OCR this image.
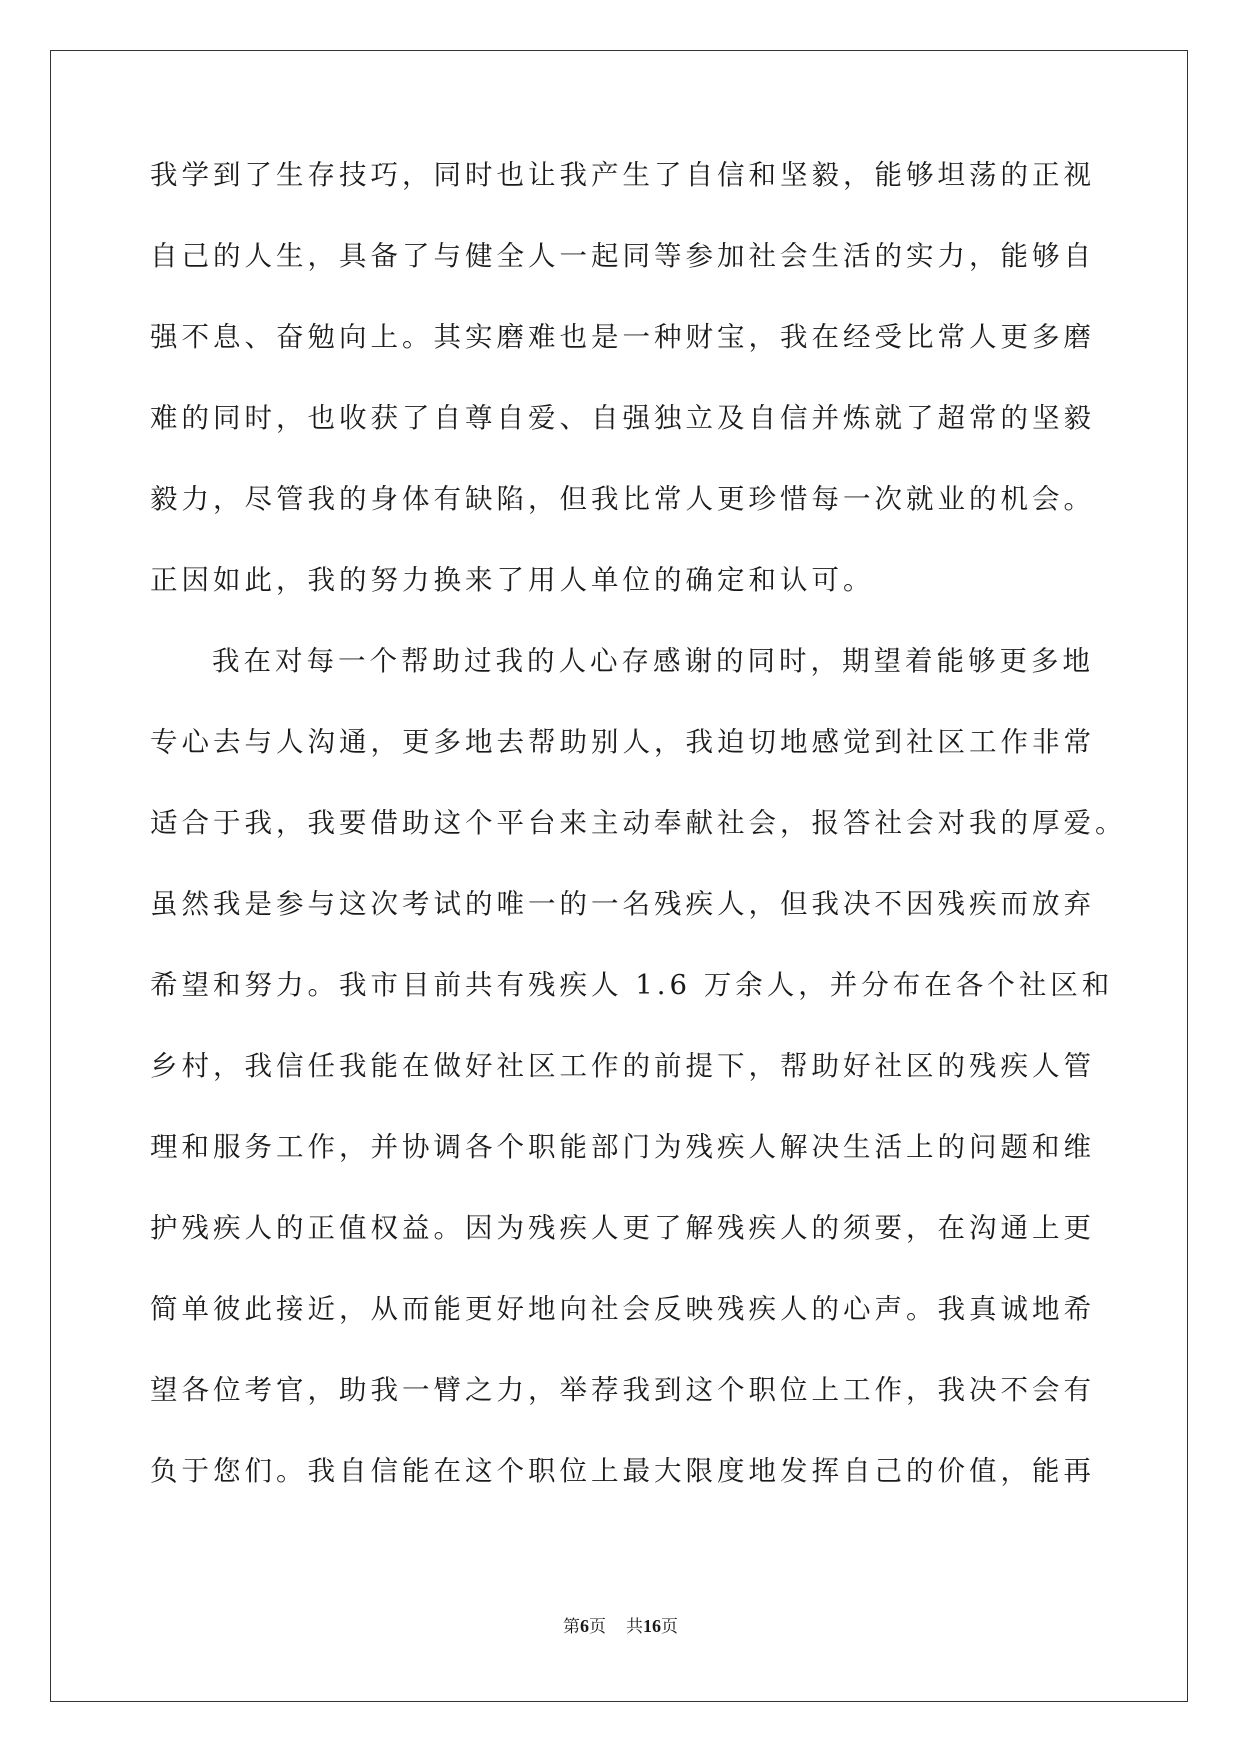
我学到了生存技巧，同时也让我产生了自信和坚毅，能够坦荡的正视
自己的人生，具备了与健全人一起同等参加社会生活的实力，能够自
强不息、奋勉向上。其实磨难也是一种财宝，我在经受比常人更多磨
难的同时，也收获了自尊自爱、自强独立及自信并炼就了超常的坚毅
毅力，尽管我的身体有缺陷，但我比常人更珍惜每一次就业的机会。
正因如此，我的努力换来了用人单位的确定和认可。
我在对每一个帮助过我的人心存感谢的同时，期望着能够更多地
专心去与人沟通，更多地去帮助别人，我迫切地感觉到社区工作非常
适合于我，我要借助这个平台来主动奉献社会，报答社会对我的厚爱。
虽然我是参与这次考试的唯一的一名残疾人，但我决不因残疾而放弃
希望和努力。我市目前共有残疾人 1.6 万余人，并分布在各个社区和
乡村，我信任我能在做好社区工作的前提下，帮助好社区的残疾人管
理和服务工作，并协调各个职能部门为残疾人解决生活上的问题和维
护残疾人的正值权益。因为残疾人更了解残疾人的须要，在沟通上更
简单彼此接近，从而能更好地向社会反映残疾人的心声。我真诚地希
望各位考官，助我一臂之力，举荐我到这个职位上工作，我决不会有
负于您们。我自信能在这个职位上最大限度地发挥自己的价值，能再
第6页 共16页
